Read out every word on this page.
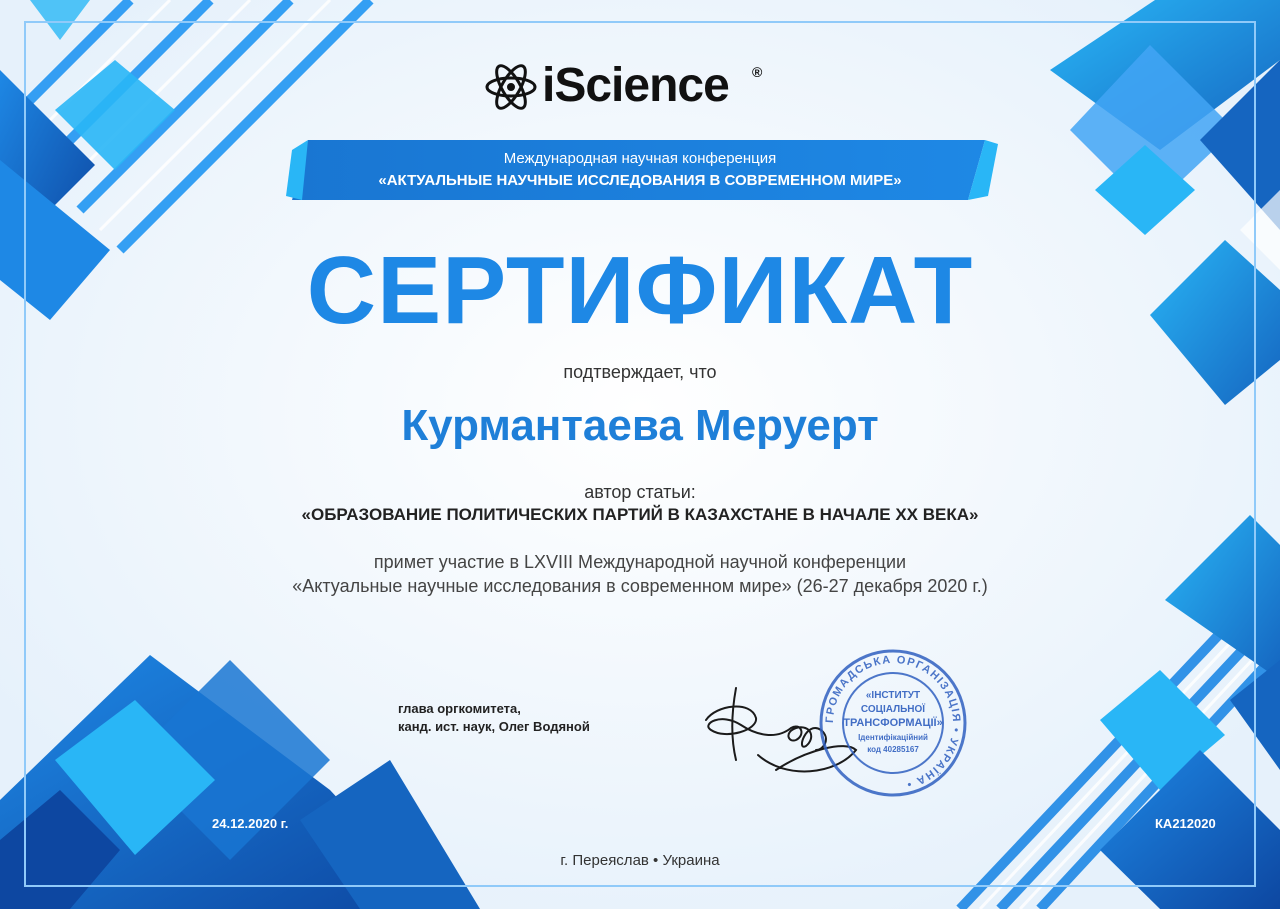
iScience ®
Международная научная конференция
«АКТУАЛЬНЫЕ НАУЧНЫЕ ИССЛЕДОВАНИЯ В СОВРЕМЕННОМ МИРЕ»
СЕРТИФИКАТ
подтверждает, что
Курмантаева Меруерт
автор статьи:
«ОБРАЗОВАНИЕ ПОЛИТИЧЕСКИХ ПАРТИЙ В КАЗАХСТАНЕ В НАЧАЛЕ XX ВЕКА»
примет участие в LXVIII Международной научной конференции
«Актуальные научные исследования в современном мире» (26-27 декабря 2020 г.)
глава оргкомитета,
канд. ист. наук, Олег Водяной	ГРОМАДСЬКА ОРГАНІЗАЦІЯ • УКРАЇНА •
«ІНСТИТУТ
СОЦІАЛЬНОЇ
ТРАНСФОРМАЦІЇ»
Ідентифікаційний
код 40285167
24.12.2020 г.	КА212020
г. Переяслав • Украина
